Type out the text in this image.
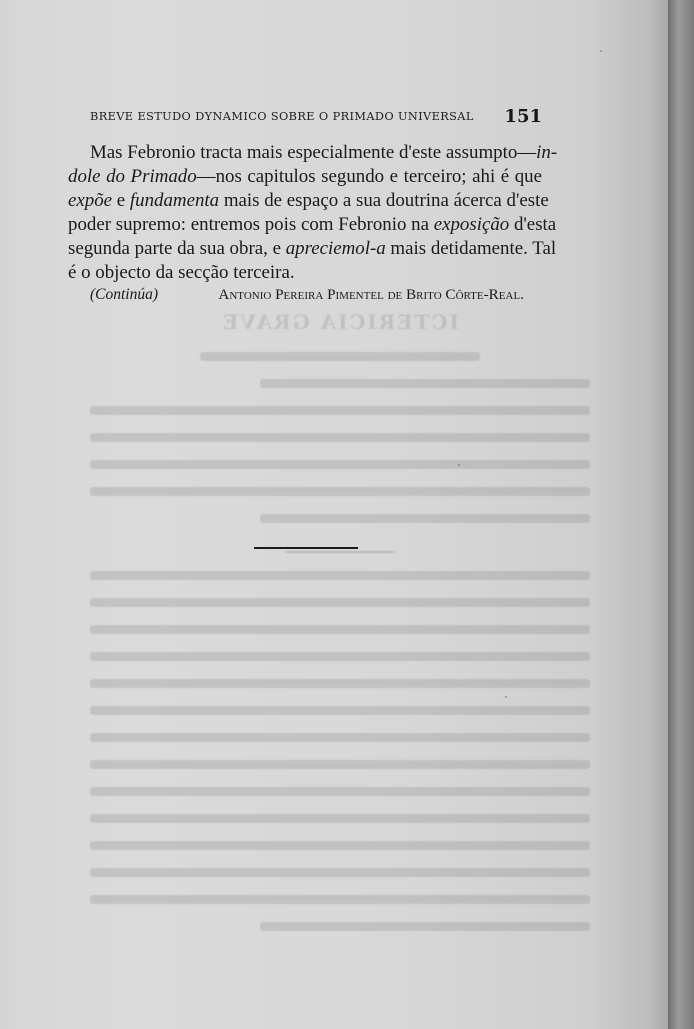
ICTERICIA GRAVE
BREVE ESTUDO DYNAMICO SOBRE O PRIMADO UNIVERSAL 151
Mas Febronio tracta mais especialmente d'este assumpto—in-
dole do Primado—nos capitulos segundo e terceiro; ahi é que
expõe e fundamenta mais de espaço a sua doutrina ácerca d'este
poder supremo: entremos pois com Febronio na exposição d'esta
segunda parte da sua obra, e apreciemol-a mais detidamente. Tal
é o objecto da secção terceira.
(Continúa)	Antonio Pereira Pimentel de Brito Côrte-Real.
